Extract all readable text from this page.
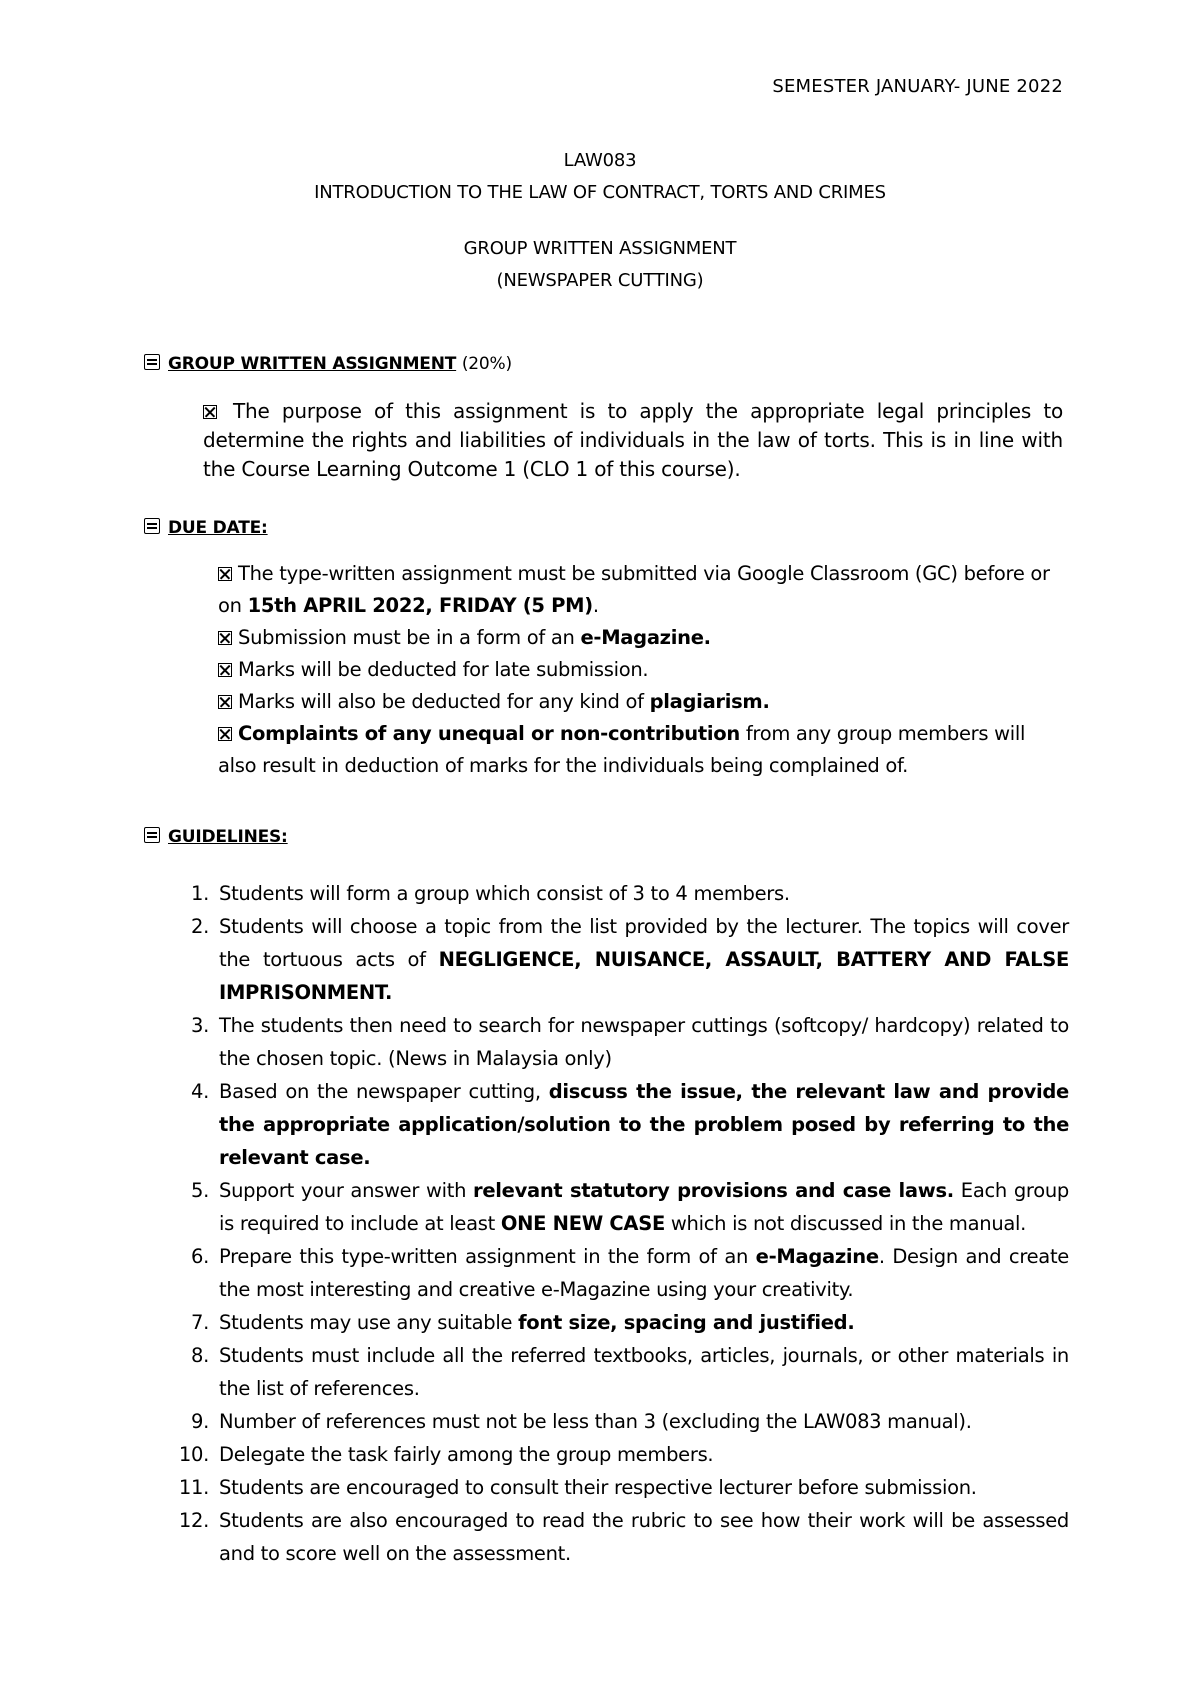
SEMESTER JANUARY- JUNE 2022
LAW083
INTRODUCTION TO THE LAW OF CONTRACT, TORTS AND CRIMES
GROUP WRITTEN ASSIGNMENT
(NEWSPAPER CUTTING)
GROUP WRITTEN ASSIGNMENT (20%)
The purpose of this assignment is to apply the appropriate legal principles to determine the rights and liabilities of individuals in the law of torts. This is in line with the Course Learning Outcome 1 (CLO 1 of this course).
DUE DATE:
The type-written assignment must be submitted via Google Classroom (GC) before or on 15th APRIL 2022, FRIDAY (5 PM).
Submission must be in a form of an e-Magazine.
Marks will be deducted for late submission.
Marks will also be deducted for any kind of plagiarism.
Complaints of any unequal or non-contribution from any group members will also result in deduction of marks for the individuals being complained of.
GUIDELINES:
1. Students will form a group which consist of 3 to 4 members.
2. Students will choose a topic from the list provided by the lecturer. The topics will cover the tortuous acts of NEGLIGENCE, NUISANCE, ASSAULT, BATTERY AND FALSE IMPRISONMENT.
3. The students then need to search for newspaper cuttings (softcopy/ hardcopy) related to the chosen topic. (News in Malaysia only)
4. Based on the newspaper cutting, discuss the issue, the relevant law and provide the appropriate application/solution to the problem posed by referring to the relevant case.
5. Support your answer with relevant statutory provisions and case laws. Each group is required to include at least ONE NEW CASE which is not discussed in the manual.
6. Prepare this type-written assignment in the form of an e-Magazine. Design and create the most interesting and creative e-Magazine using your creativity.
7. Students may use any suitable font size, spacing and justified.
8. Students must include all the referred textbooks, articles, journals, or other materials in the list of references.
9. Number of references must not be less than 3 (excluding the LAW083 manual).
10. Delegate the task fairly among the group members.
11. Students are encouraged to consult their respective lecturer before submission.
12. Students are also encouraged to read the rubric to see how their work will be assessed and to score well on the assessment.
